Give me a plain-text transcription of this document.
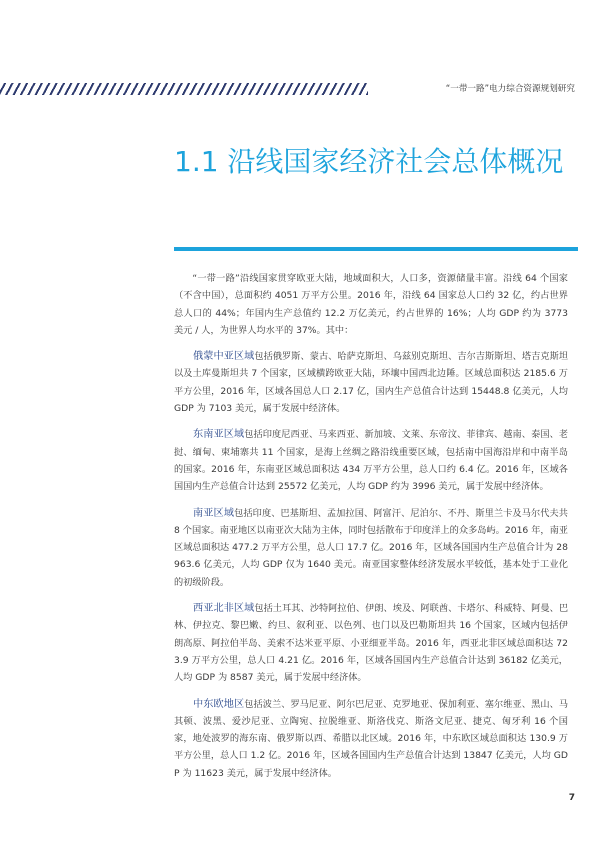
“一带一路”电力综合资源规划研究
1.1 沿线国家经济社会总体概况

“一带一路”沿线国家贯穿欧亚大陆，地域面积大，人口多，资源储量丰富。沿线 64 个国家（不含中国），总面积约 4051 万平方公里。2016 年，沿线 64 国家总人口约 32 亿，约占世界总人口的 44%；年国内生产总值约 12.2 万亿美元，约占世界的 16%；人均 GDP 约为 3773 美元 / 人，为世界人均水平的 37%。其中：

俄蒙中亚区域包括俄罗斯、蒙古、哈萨克斯坦、乌兹别克斯坦、吉尔吉斯斯坦、塔吉克斯坦以及土库曼斯坦共 7 个国家，区域横跨欧亚大陆，环壤中国西北边陲。区域总面积达 2185.6 万平方公里，2016 年，区域各国总人口 2.17 亿，国内生产总值合计达到 15448.8 亿美元，人均 GDP 为 7103 美元，属于发展中经济体。

东南亚区域包括印度尼西亚、马来西亚、新加坡、文莱、东帝汶、菲律宾、越南、泰国、老挝、缅甸、柬埔寨共 11 个国家，是海上丝绸之路沿线重要区域，包括南中国海沿岸和中南半岛的国家。2016 年，东南亚区域总面积达 434 万平方公里，总人口约 6.4 亿。2016 年，区域各国国内生产总值合计达到 25572 亿美元，人均 GDP 约为 3996 美元，属于发展中经济体。

南亚区域包括印度、巴基斯坦、孟加拉国、阿富汗、尼泊尔、不丹、斯里兰卡及马尔代夫共 8 个国家。南亚地区以南亚次大陆为主体，同时包括散布于印度洋上的众多岛屿。2016 年，南亚区域总面积达 477.2 万平方公里，总人口 17.7 亿。2016 年，区域各国国内生产总值合计为 28963.6 亿美元，人均 GDP 仅为 1640 美元。南亚国家整体经济发展水平较低，基本处于工业化的初级阶段。

西亚北非区域包括土耳其、沙特阿拉伯、伊朗、埃及、阿联酋、卡塔尔、科威特、阿曼、巴林、伊拉克、黎巴嫩、约旦、叙利亚、以色列、也门以及巴勒斯坦共 16 个国家，区域内包括伊朗高原、阿拉伯半岛、美索不达米亚平原、小亚细亚半岛。2016 年，西亚北非区域总面积达 723.9 万平方公里，总人口 4.21 亿。2016 年，区域各国国内生产总值合计达到 36182 亿美元，人均 GDP 为 8587 美元，属于发展中经济体。

中东欧地区包括波兰、罗马尼亚、阿尔巴尼亚、克罗地亚、保加利亚、塞尔维亚、黑山、马其顿、波黑、爱沙尼亚、立陶宛、拉脱维亚、斯洛伐克、斯洛文尼亚、捷克、匈牙利 16 个国家，地处波罗的海东南、俄罗斯以西、希腊以北区域。2016 年，中东欧区域总面积达 130.9 万平方公里，总人口 1.2 亿。2016 年，区域各国国内生产总值合计达到 13847 亿美元，人均 GDP 为 11623 美元，属于发展中经济体。

7
